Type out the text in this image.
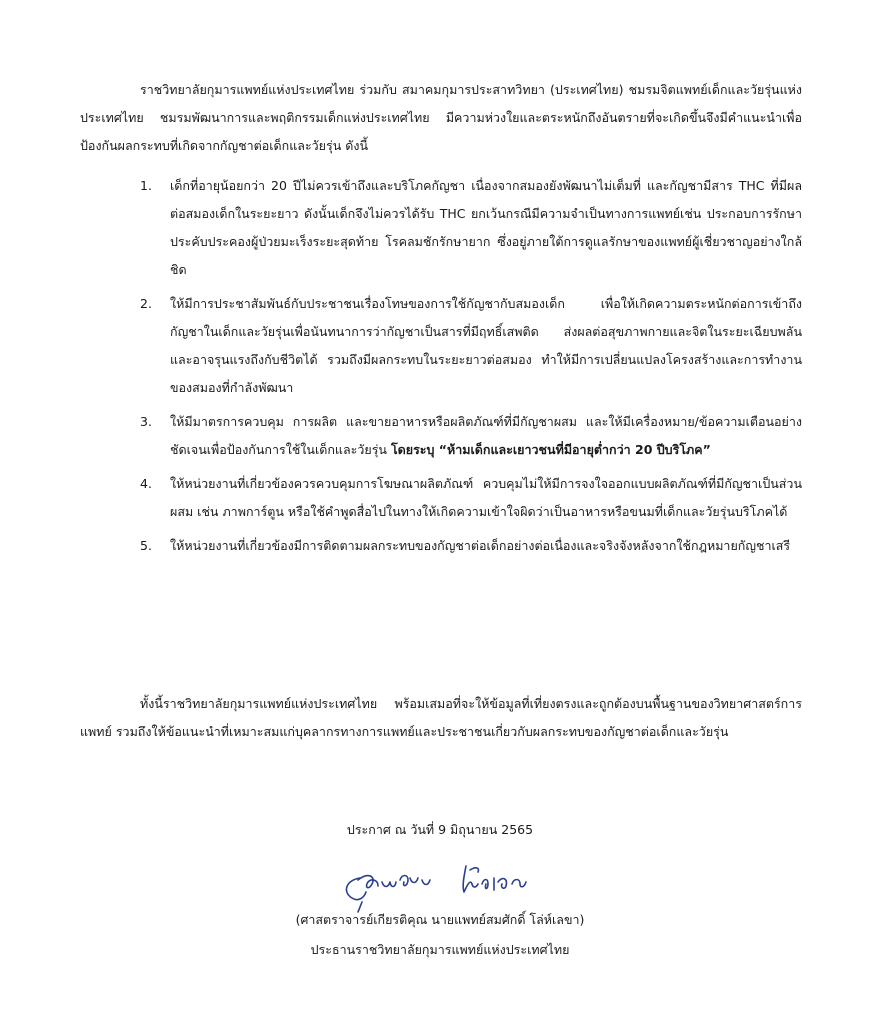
ราชวิทยาลัยกุมารแพทย์แห่งประเทศไทย ร่วมกับ สมาคมกุมารประสาทวิทยา (ประเทศไทย) ชมรมจิตแพทย์เด็กและวัยรุ่นแห่งประเทศไทย ชมรมพัฒนาการและพฤติกรรมเด็กแห่งประเทศไทย มีความห่วงใยและตระหนักถึงอันตรายที่จะเกิดขึ้นจึงมีคำแนะนำเพื่อป้องกันผลกระทบที่เกิดจากกัญชาต่อเด็กและวัยรุ่น ดังนี้

1. เด็กที่อายุน้อยกว่า 20 ปีไม่ควรเข้าถึงและบริโภคกัญชา เนื่องจากสมองยังพัฒนาไม่เต็มที่ และกัญชามีสาร THC ที่มีผลต่อสมองเด็กในระยะยาว ดังนั้นเด็กจึงไม่ควรได้รับ THC ยกเว้นกรณีมีความจำเป็นทางการแพทย์เช่น ประกอบการรักษาประคับประคองผู้ป่วยมะเร็งระยะสุดท้าย โรคลมชักรักษายาก ซึ่งอยู่ภายใต้การดูแลรักษาของแพทย์ผู้เชี่ยวชาญอย่างใกล้ชิด
2. ให้มีการประชาสัมพันธ์กับประชาชนเรื่องโทษของการใช้กัญชากับสมองเด็ก เพื่อให้เกิดความตระหนักต่อการเข้าถึงกัญชาในเด็กและวัยรุ่นเพื่อนันทนาการว่ากัญชาเป็นสารที่มีฤทธิ์เสพติด ส่งผลต่อสุขภาพกายและจิตในระยะเฉียบพลัน และอาจรุนแรงถึงกับชีวิตได้ รวมถึงมีผลกระทบในระยะยาวต่อสมอง ทำให้มีการเปลี่ยนแปลงโครงสร้างและการทำงานของสมองที่กำลังพัฒนา
3. ให้มีมาตรการควบคุม การผลิต และขายอาหารหรือผลิตภัณฑ์ที่มีกัญชาผสม และให้มีเครื่องหมาย/ข้อความเตือนอย่างชัดเจนเพื่อป้องกันการใช้ในเด็กและวัยรุ่น โดยระบุ “ห้ามเด็กและเยาวชนที่มีอายุต่ำกว่า 20 ปีบริโภค”
4. ให้หน่วยงานที่เกี่ยวข้องควรควบคุมการโฆษณาผลิตภัณฑ์ ควบคุมไม่ให้มีการจงใจออกแบบผลิตภัณฑ์ที่มีกัญชาเป็นส่วนผสม เช่น ภาพการ์ตูน หรือใช้คำพูดสื่อไปในทางให้เกิดความเข้าใจผิดว่าเป็นอาหารหรือขนมที่เด็กและวัยรุ่นบริโภคได้
5. ให้หน่วยงานที่เกี่ยวข้องมีการติดตามผลกระทบของกัญชาต่อเด็กอย่างต่อเนื่องและจริงจังหลังจากใช้กฎหมายกัญชาเสรี

ทั้งนี้ราชวิทยาลัยกุมารแพทย์แห่งประเทศไทย พร้อมเสมอที่จะให้ข้อมูลที่เที่ยงตรงและถูกต้องบนพื้นฐานของวิทยาศาสตร์การแพทย์ รวมถึงให้ข้อแนะนำที่เหมาะสมแก่บุคลากรทางการแพทย์และประชาชนเกี่ยวกับผลกระทบของกัญชาต่อเด็กและวัยรุ่น

ประกาศ ณ วันที่ 9 มิถุนายน 2565
(ศาสตราจารย์เกียรติคุณ นายแพทย์สมศักดิ์ โล่ห์เลขา)
ประธานราชวิทยาลัยกุมารแพทย์แห่งประเทศไทย
